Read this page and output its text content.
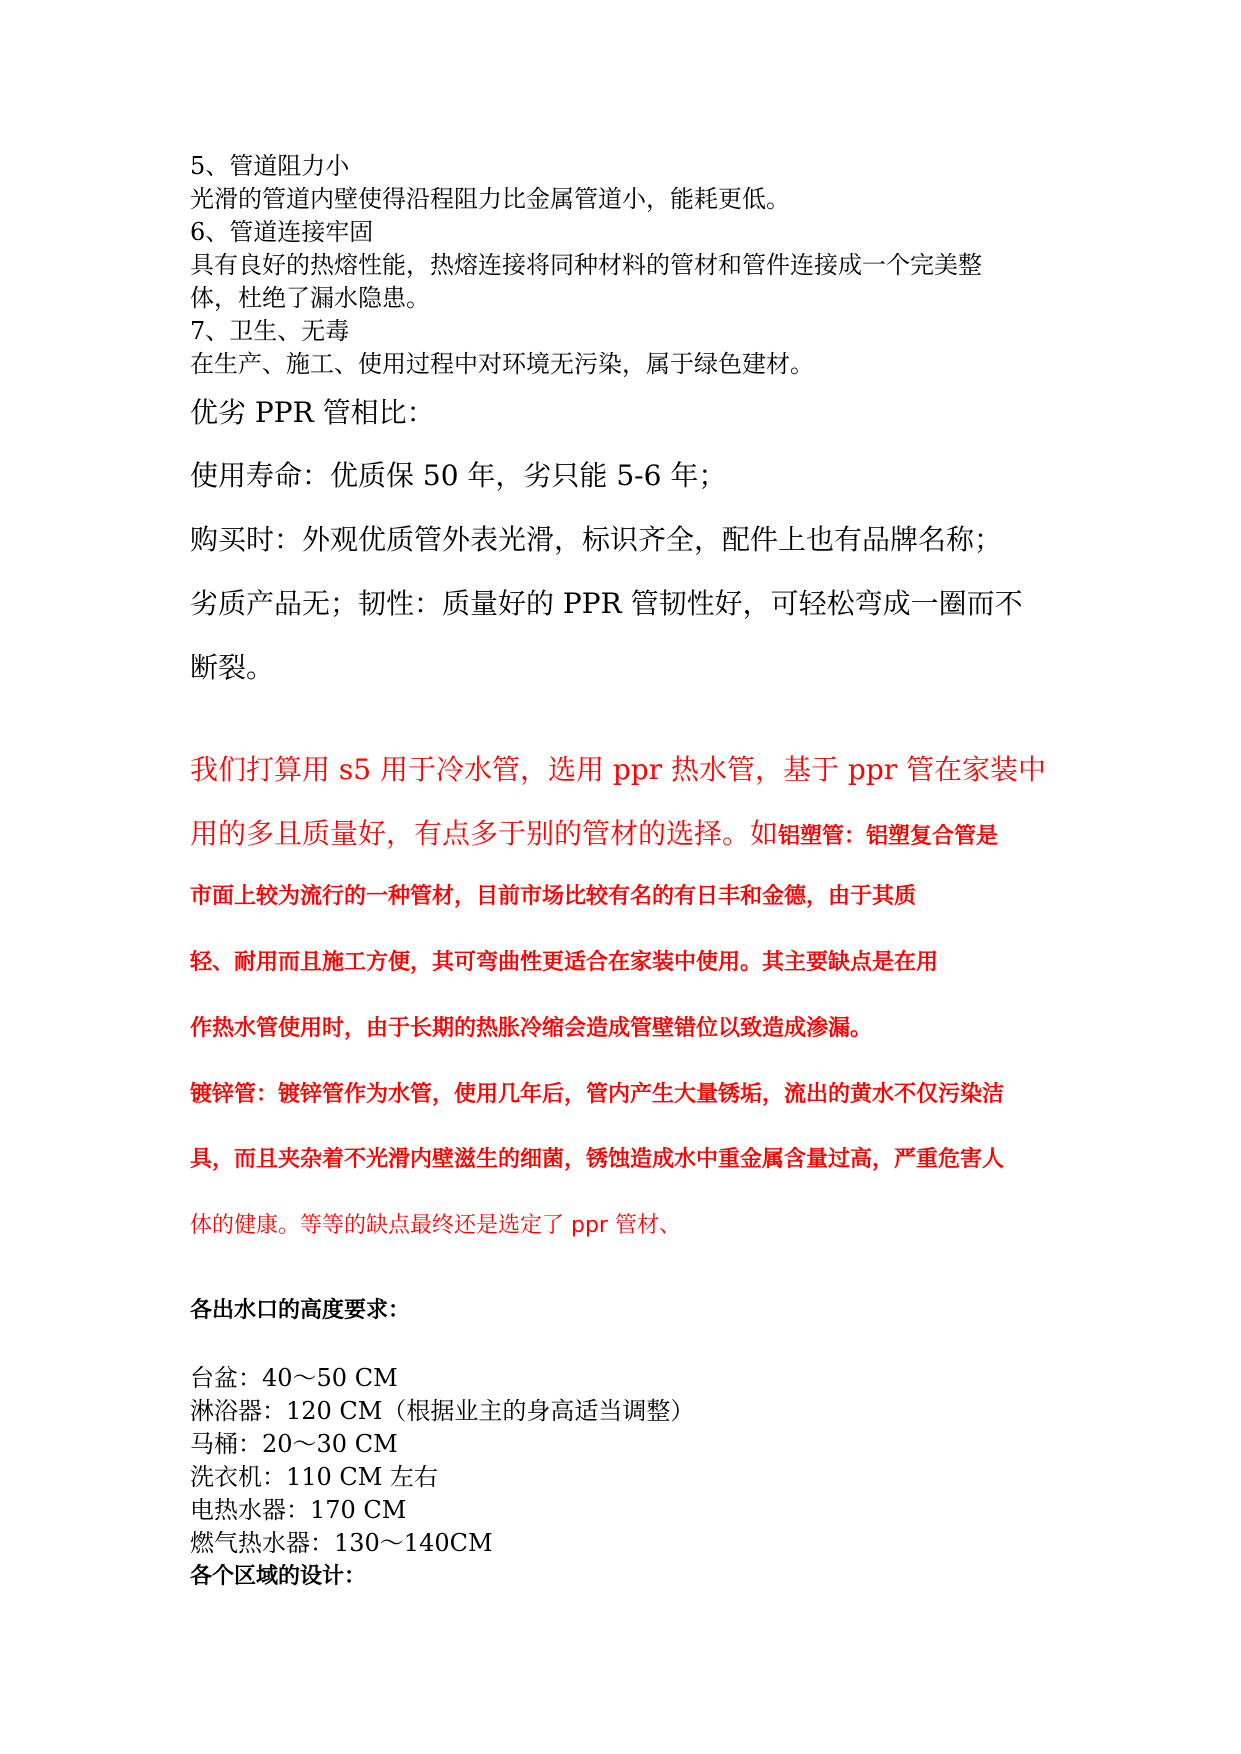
5、管道阻力小

光滑的管道内壁使得沿程阻力比金属管道小，能耗更低。

6、管道连接牢固

具有良好的热熔性能，热熔连接将同种材料的管材和管件连接成一个完美整

体，杜绝了漏水隐患。

7、卫生、无毒

在生产、施工、使用过程中对环境无污染，属于绿色建材。

优劣 PPR 管相比：

使用寿命：优质保 50 年，劣只能 5-6 年；

购买时：外观优质管外表光滑，标识齐全，配件上也有品牌名称；

劣质产品无；韧性：质量好的 PPR 管韧性好，可轻松弯成一圈而不

断裂。

我们打算用 s5 用于冷水管，选用 ppr 热水管，基于 ppr 管在家装中

用的多且质量好，有点多于别的管材的选择。如铝塑管：铝塑复合管是

市面上较为流行的一种管材，目前市场比较有名的有日丰和金德，由于其质

轻、耐用而且施工方便，其可弯曲性更适合在家装中使用。其主要缺点是在用

作热水管使用时，由于长期的热胀冷缩会造成管壁错位以致造成渗漏。

镀锌管：镀锌管作为水管，使用几年后，管内产生大量锈垢，流出的黄水不仅污染洁

具，而且夹杂着不光滑内壁滋生的细菌，锈蚀造成水中重金属含量过高，严重危害人

体的健康。等等的缺点最终还是选定了 ppr 管材、

各出水口的高度要求：

台盆：40～50 CM

淋浴器：120 CM（根据业主的身高适当调整）

马桶：20～30 CM

洗衣机：110 CM 左右

电热水器：170 CM

燃气热水器：130～140CM

各个区域的设计：
